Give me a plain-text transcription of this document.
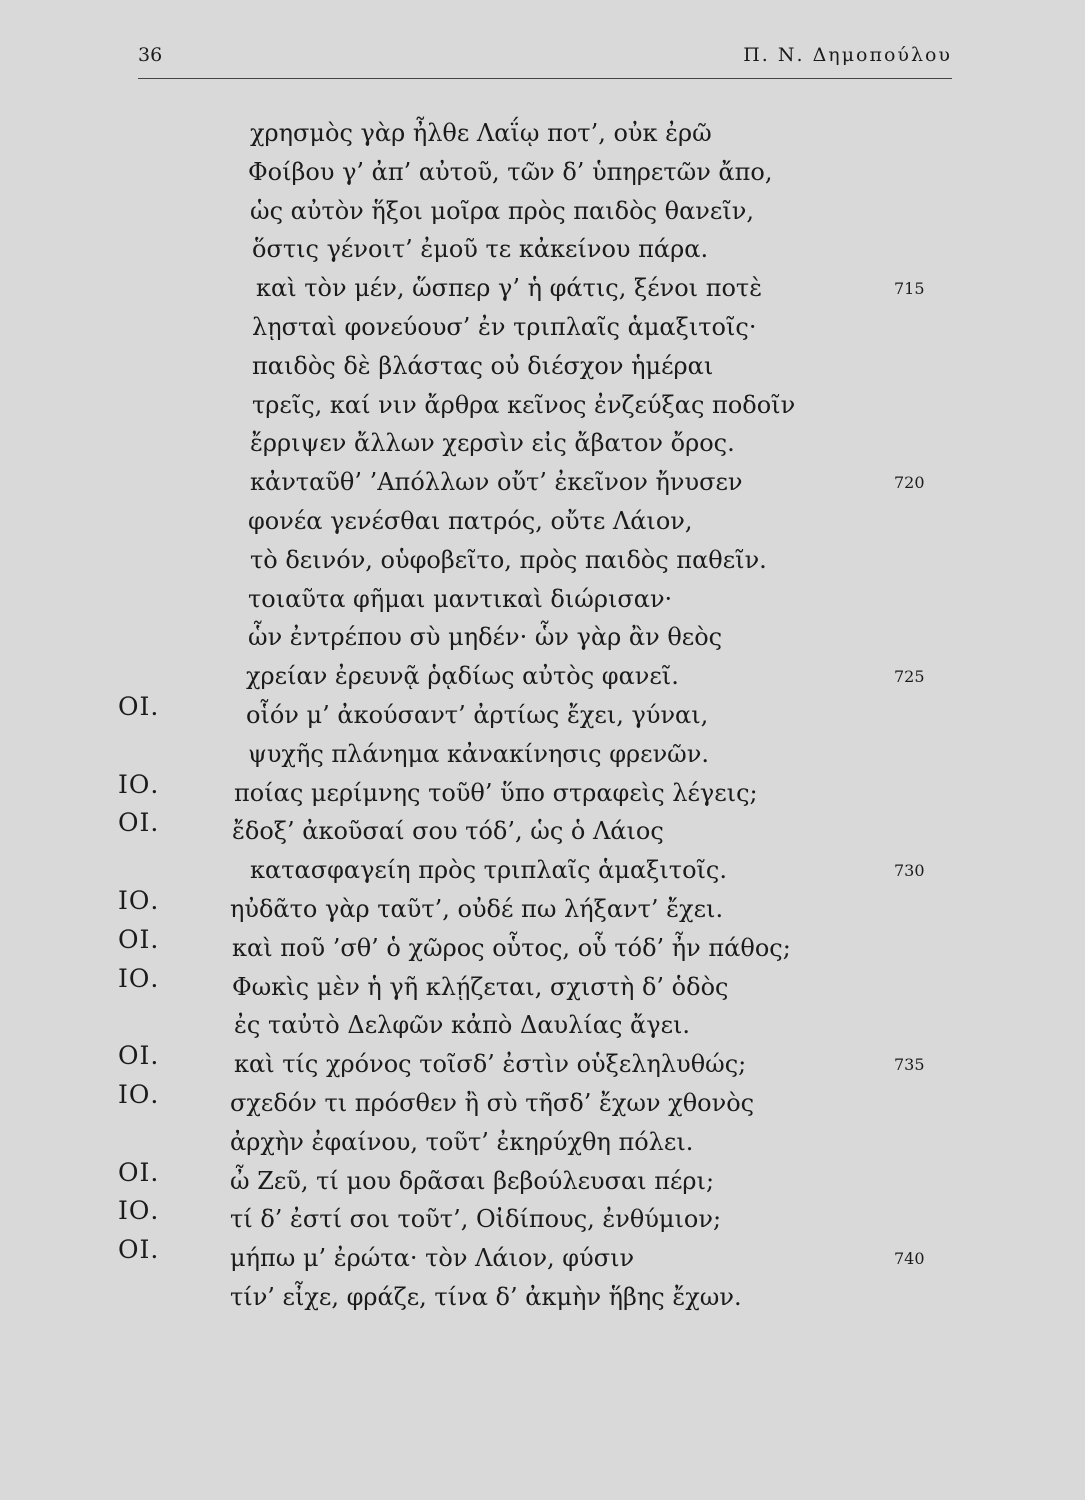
36	Π. Ν. Δημοπούλου
χρησμὸς γὰρ ἦλθε Λαΐῳ ποτ’, οὐκ ἐρῶ
Φοίβου γ’ ἀπ’ αὐτοῦ, τῶν δ’ ὑπηρετῶν ἄπο,
ὡς αὐτὸν ἥξοι μοῖρα πρὸς παιδὸς θανεῖν,
ὅστις γένοιτ’ ἐμοῦ τε κἀκείνου πάρα.
καὶ τὸν μέν, ὥσπερ γ’ ἡ φάτις, ξένοι ποτὲ	715
λῃσταὶ φονεύουσ’ ἐν τριπλαῖς ἁμαξιτοῖς·
παιδὸς δὲ βλάστας οὐ διέσχον ἡμέραι
τρεῖς, καί νιν ἄρθρα κεῖνος ἐνζεύξας ποδοῖν
ἔρριψεν ἄλλων χερσὶν εἰς ἄβατον ὄρος.
κἀνταῦθ’ ’Απόλλων οὔτ’ ἐκεῖνον ἤνυσεν	720
φονέα γενέσθαι πατρός, οὔτε Λάιον,
τὸ δεινόν, οὑφοβεῖτο, πρὸς παιδὸς παθεῖν.
τοιαῦτα φῆμαι μαντικαὶ διώρισαν·
ὧν ἐντρέπου σὺ μηδέν· ὧν γὰρ ἂν θεὸς
χρείαν ἐρευνᾷ ῥᾳδίως αὐτὸς φανεῖ.	725
ΟΙ.	οἷόν μ’ ἀκούσαντ’ ἀρτίως ἔχει, γύναι,
ψυχῆς πλάνημα κἀνακίνησις φρενῶν.
ΙΟ.	ποίας μερίμνης τοῦθ’ ὕπο στραφεὶς λέγεις;
ΟΙ.	ἔδοξ’ ἀκοῦσαί σου τόδ’, ὡς ὁ Λάιος
κατασφαγείη πρὸς τριπλαῖς ἁμαξιτοῖς.	730
ΙΟ.	ηὐδᾶτο γὰρ ταῦτ’, οὐδέ πω λήξαντ’ ἔχει.
ΟΙ.	καὶ ποῦ ’σθ’ ὁ χῶρος οὗτος, οὗ τόδ’ ἦν πάθος;
ΙΟ.	Φωκὶς μὲν ἡ γῆ κλῄζεται, σχιστὴ δ’ ὁδὸς
ἐς ταὐτὸ Δελφῶν κἀπὸ Δαυλίας ἄγει.
ΟΙ.	καὶ τίς χρόνος τοῖσδ’ ἐστὶν οὑξεληλυθώς;	735
ΙΟ.	σχεδόν τι πρόσθεν ἢ σὺ τῆσδ’ ἔχων χθονὸς
ἀρχὴν ἐφαίνου, τοῦτ’ ἐκηρύχθη πόλει.
ΟΙ.	ὦ Ζεῦ, τί μου δρᾶσαι βεβούλευσαι πέρι;
ΙΟ.	τί δ’ ἐστί σοι τοῦτ’, Οἰδίπους, ἐνθύμιον;
ΟΙ.	μήπω μ’ ἐρώτα· τὸν Λάιον, φύσιν	740
τίν’ εἶχε, φράζε, τίνα δ’ ἀκμὴν ἥβης ἔχων.
